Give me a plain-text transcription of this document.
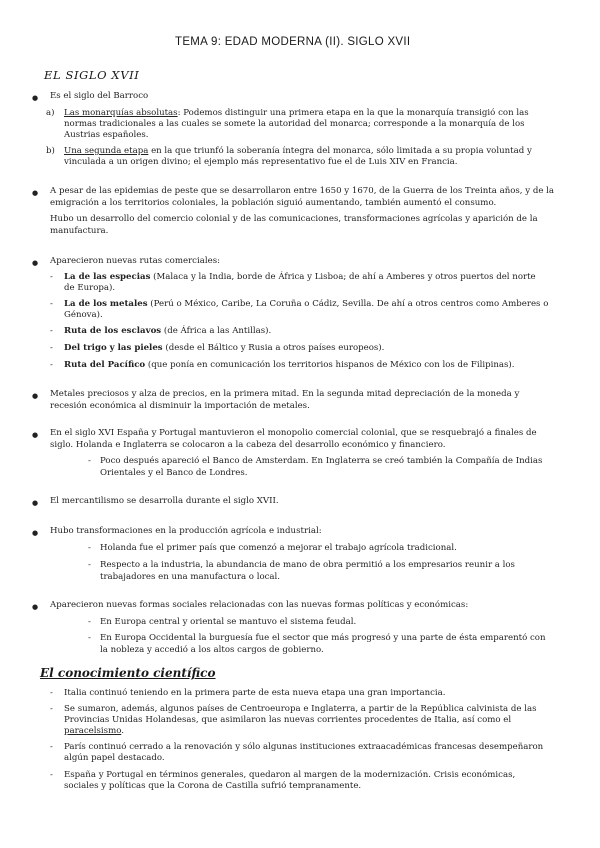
TEMA 9: EDAD MODERNA (II). SIGLO XVII
EL SIGLO XVII
● Es el siglo del Barroco
a) Las monarquías absolutas: Podemos distinguir una primera etapa en la que la monarquía transigió con las
normas tradicionales a las cuales se somete la autoridad del monarca; corresponde a la monarquía de los
Austrias españoles.
b) Una segunda etapa en la que triunfó la soberanía íntegra del monarca, sólo limitada a su propia voluntad y
vinculada a un origen divino; el ejemplo más representativo fue el de Luis XIV en Francia.
● A pesar de las epidemias de peste que se desarrollaron entre 1650 y 1670, de la Guerra de los Treinta años, y de la
emigración a los territorios coloniales, la población siguió aumentando, también aumentó el consumo.
Hubo un desarrollo del comercio colonial y de las comunicaciones, transformaciones agrícolas y aparición de la
manufactura.
● Aparecieron nuevas rutas comerciales:
- La de las especias (Malaca y la India, borde de África y Lisboa; de ahí a Amberes y otros puertos del norte
de Europa).
- La de los metales (Perú o México, Caribe, La Coruña o Cádiz, Sevilla. De ahí a otros centros como Amberes o
Génova).
- Ruta de los esclavos (de África a las Antillas).
- Del trigo y las pieles (desde el Báltico y Rusia a otros países europeos).
- Ruta del Pacífico (que ponía en comunicación los territorios hispanos de México con los de Filipinas).
● Metales preciosos y alza de precios, en la primera mitad. En la segunda mitad depreciación de la moneda y
recesión económica al disminuir la importación de metales.
● En el siglo XVI España y Portugal mantuvieron el monopolio comercial colonial, que se resquebrajó a finales de
siglo. Holanda e Inglaterra se colocaron a la cabeza del desarrollo económico y financiero.
- Poco después apareció el Banco de Amsterdam. En Inglaterra se creó también la Compañía de Indias
Orientales y el Banco de Londres.
● El mercantilismo se desarrolla durante el siglo XVII.
● Hubo transformaciones en la producción agrícola e industrial:
- Holanda fue el primer país que comenzó a mejorar el trabajo agrícola tradicional.
- Respecto a la industria, la abundancia de mano de obra permitió a los empresarios reunir a los
trabajadores en una manufactura o local.
● Aparecieron nuevas formas sociales relacionadas con las nuevas formas políticas y económicas:
- En Europa central y oriental se mantuvo el sistema feudal.
- En Europa Occidental la burguesía fue el sector que más progresó y una parte de ésta emparentó con
la nobleza y accedió a los altos cargos de gobierno.
El conocimiento científico
- Italia continuó teniendo en la primera parte de esta nueva etapa una gran importancia.
- Se sumaron, además, algunos países de Centroeuropa e Inglaterra, a partir de la República calvinista de las
Provincias Unidas Holandesas, que asimilaron las nuevas corrientes procedentes de Italia, así como el
paracelsismo.
- París continuó cerrado a la renovación y sólo algunas instituciones extraacadémicas francesas desempeñaron
algún papel destacado.
- España y Portugal en términos generales, quedaron al margen de la modernización. Crisis económicas,
sociales y políticas que la Corona de Castilla sufrió tempranamente.
